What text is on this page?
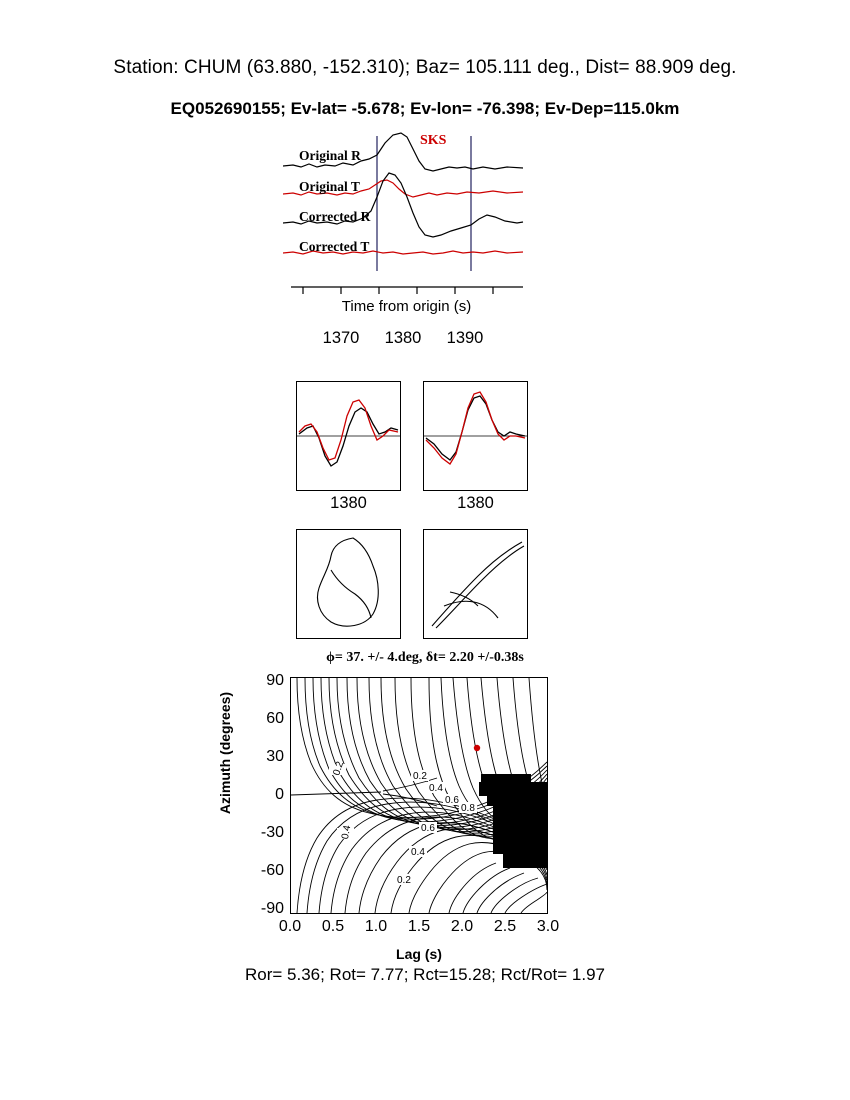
Station: CHUM (63.880, -152.310); Baz= 105.111 deg., Dist= 88.909 deg.
EQ052690155; Ev-lat= -5.678; Ev-lon= -76.398; Ev-Dep=115.0km
Original R
Original T
Corrected R
Corrected T
SKS
Time from origin (s)
1370	1380	1390
1380	1380
ϕ= 37. +/- 4.deg, δt= 2.20 +/-0.38s
Azimuth (degrees)
90
60
30
0
-30
-60
-90
0.2
0.4
0.2
0.4
0.6
0.8
0.6
0.4
0.2
0.0	0.5	1.0	1.5	2.0	2.5	3.0
Lag (s)
Ror= 5.36; Rot= 7.77; Rct=15.28; Rct/Rot= 1.97
